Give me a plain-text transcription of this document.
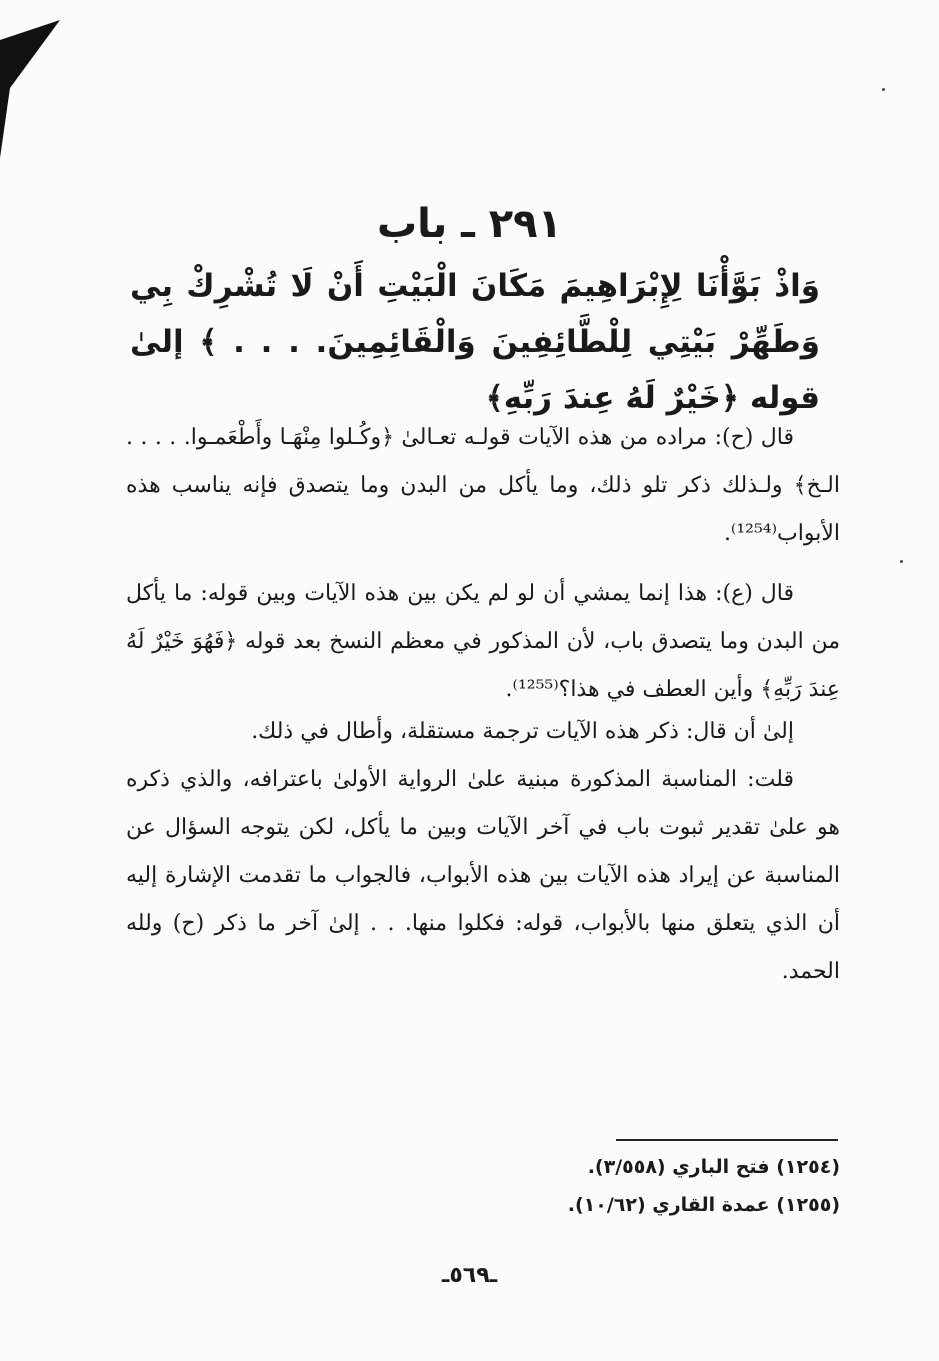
٢٩١ ـ باب
وَاذْ بَوَّأْنَا لِإِبْرَاهِيمَ مَكَانَ الْبَيْتِ أَنْ لَا تُشْرِكْ بِي وَطَهِّرْ بَيْتِي لِلْطَّائِفِينَ وَالْقَائِمِينَ. . . . ﴾ إلىٰ قوله ﴿خَيْرٌ لَهُ عِندَ رَبِّهِ﴾

قال (ح): مراده من هذه الآيات قولـه تعـالىٰ ﴿وكُـلوا مِنْهَـا وأَطْعَمـوا. . . . . الـخ﴾ ولـذلك ذكر تلو ذلك، وما يأكل من البدن وما يتصدق فإنه يناسب هذه الأبواب⁽¹²⁵⁴⁾.

قال (ع): هذا إنما يمشي أن لو لم يكن بين هذه الآيات وبين قوله: ما يأكل من البدن وما يتصدق باب، لأن المذكور في معظم النسخ بعد قوله ﴿فَهُوَ خَيْرٌ لَهُ عِندَ رَبِّهِ﴾ وأين العطف في هذا؟⁽¹²⁵⁵⁾.

إلىٰ أن قال: ذكر هذه الآيات ترجمة مستقلة، وأطال في ذلك.

قلت: المناسبة المذكورة مبنية علىٰ الرواية الأولىٰ باعترافه، والذي ذكره هو علىٰ تقدير ثبوت باب في آخر الآيات وبين ما يأكل، لكن يتوجه السؤال عن المناسبة عن إيراد هذه الآيات بين هذه الأبواب، فالجواب ما تقدمت الإشارة إليه أن الذي يتعلق منها بالأبواب، قوله: فكلوا منها. . . إلىٰ آخر ما ذكر (ح) ولله الحمد.

(١٢٥٤) فتح الباري (٣/٥٥٨).
(١٢٥٥) عمدة القاري (١٠/٦٢).
ـ٥٦٩ـ
